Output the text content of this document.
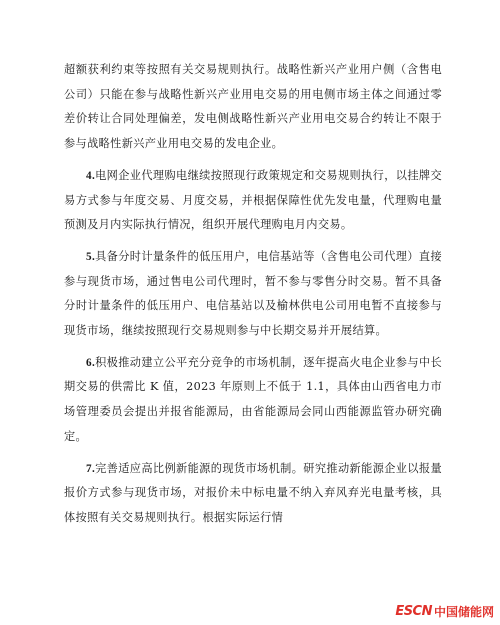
超额获利约束等按照有关交易规则执行。战略性新兴产业用户侧（含售电公司）只能在参与战略性新兴产业用电交易的用电侧市场主体之间通过零差价转让合同处理偏差，发电侧战略性新兴产业用电交易合约转让不限于参与战略性新兴产业用电交易的发电企业。

4.电网企业代理购电继续按照现行政策规定和交易规则执行，以挂牌交易方式参与年度交易、月度交易，并根据保障性优先发电量，代理购电量预测及月内实际执行情况，组织开展代理购电月内交易。

5.具备分时计量条件的低压用户，电信基站等（含售电公司代理）直接参与现货市场，通过售电公司代理时，暂不参与零售分时交易。暂不具备分时计量条件的低压用户、电信基站以及榆林供电公司用电暂不直接参与现货市场，继续按照现行交易规则参与中长期交易并开展结算。

6.积极推动建立公平充分竞争的市场机制，逐年提高火电企业参与中长期交易的供需比 K 值，2023 年原则上不低于 1.1，具体由山西省电力市场管理委员会提出并报省能源局，由省能源局会同山西能源监管办研究确定。

7.完善适应高比例新能源的现货市场机制。研究推动新能源企业以报量报价方式参与现货市场，对报价未中标电量不纳入弃风弃光电量考核，具体按照有关交易规则执行。根据实际运行情

ESCN 中国储能网
